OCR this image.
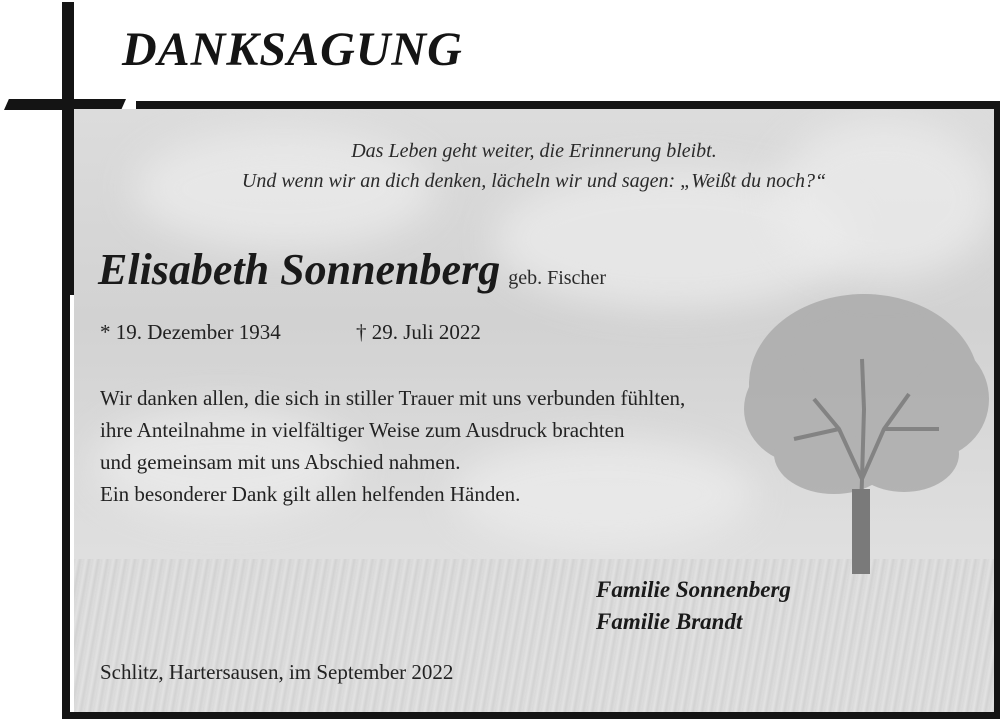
DANKSAGUNG

Das Leben geht weiter, die Erinnerung bleibt.

Und wenn wir an dich denken, lächeln wir und sagen: „Weißt du noch?“

Elisabeth Sonnenberg geb. Fischer
* 19. Dezember 1934	† 29. Juli 2022
Wir danken allen, die sich in stiller Trauer mit uns verbunden fühlten,
ihre Anteilnahme in vielfältiger Weise zum Ausdruck brachten
und gemeinsam mit uns Abschied nahmen.
Ein besonderer Dank gilt allen helfenden Händen.
Familie Sonnenberg
Familie Brandt
Schlitz, Hartersausen, im September 2022
